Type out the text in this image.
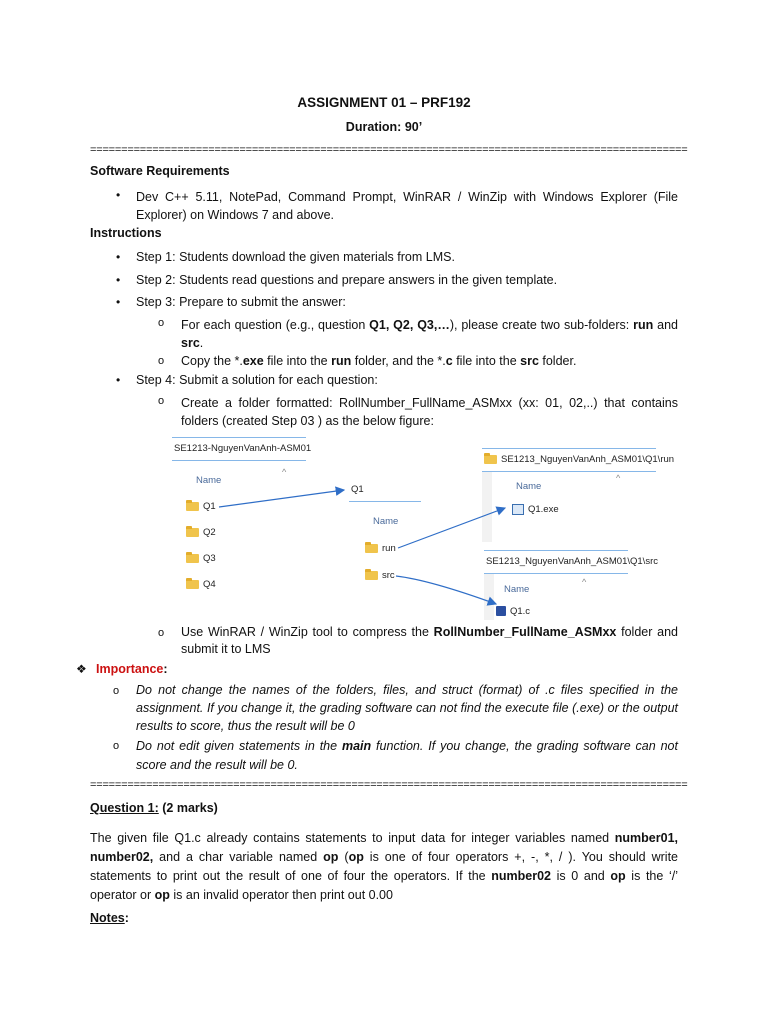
ASSIGNMENT 01 – PRF192
Duration: 90’
================================================================================================
Software Requirements
• Dev C++ 5.11, NotePad, Command Prompt, WinRAR / WinZip with Windows Explorer (File Explorer) on Windows 7 and above.
Instructions
• Step 1: Students download the given materials from LMS.
• Step 2: Students read questions and prepare answers in the given template.
• Step 3: Prepare to submit the answer:
o For each question (e.g., question Q1, Q2, Q3,…), please create two sub-folders: run and src.
o Copy the *.exe file into the run folder, and the *.c file into the src folder.
• Step 4: Submit a solution for each question:
o Create a folder formatted: RollNumber_FullName_ASMxx (xx: 01, 02,..) that contains folders (created Step 03 ) as the below figure:
SE1213-NguyenVanAnh-ASM01
Name
^
Q1
Q2
Q3
Q4
Q1
Name
run
src
SE1213_NguyenVanAnh_ASM01\Q1\run
Name
^
Q1.exe
SE1213_NguyenVanAnh_ASM01\Q1\src
Name
^
Q1.c
o Use WinRAR / WinZip tool to compress the RollNumber_FullName_ASMxx folder and submit it to LMS
❖ Importance:
o Do not change the names of the folders, files, and struct (format) of .c files specified in the assignment. If you change it, the grading software can not find the execute file (.exe) or the output results to score, thus the result will be 0
o Do not edit given statements in the main function. If you change, the grading software can not score and the result will be 0.
================================================================================================
Question 1: (2 marks)
The given file Q1.c already contains statements to input data for integer variables named number01, number02, and a char variable named op (op is one of four operators +, -, *, / ). You should write statements to print out the result of one of four the operators. If the number02 is 0 and op is the ‘/’ operator or op is an invalid operator then print out 0.00
Notes:
